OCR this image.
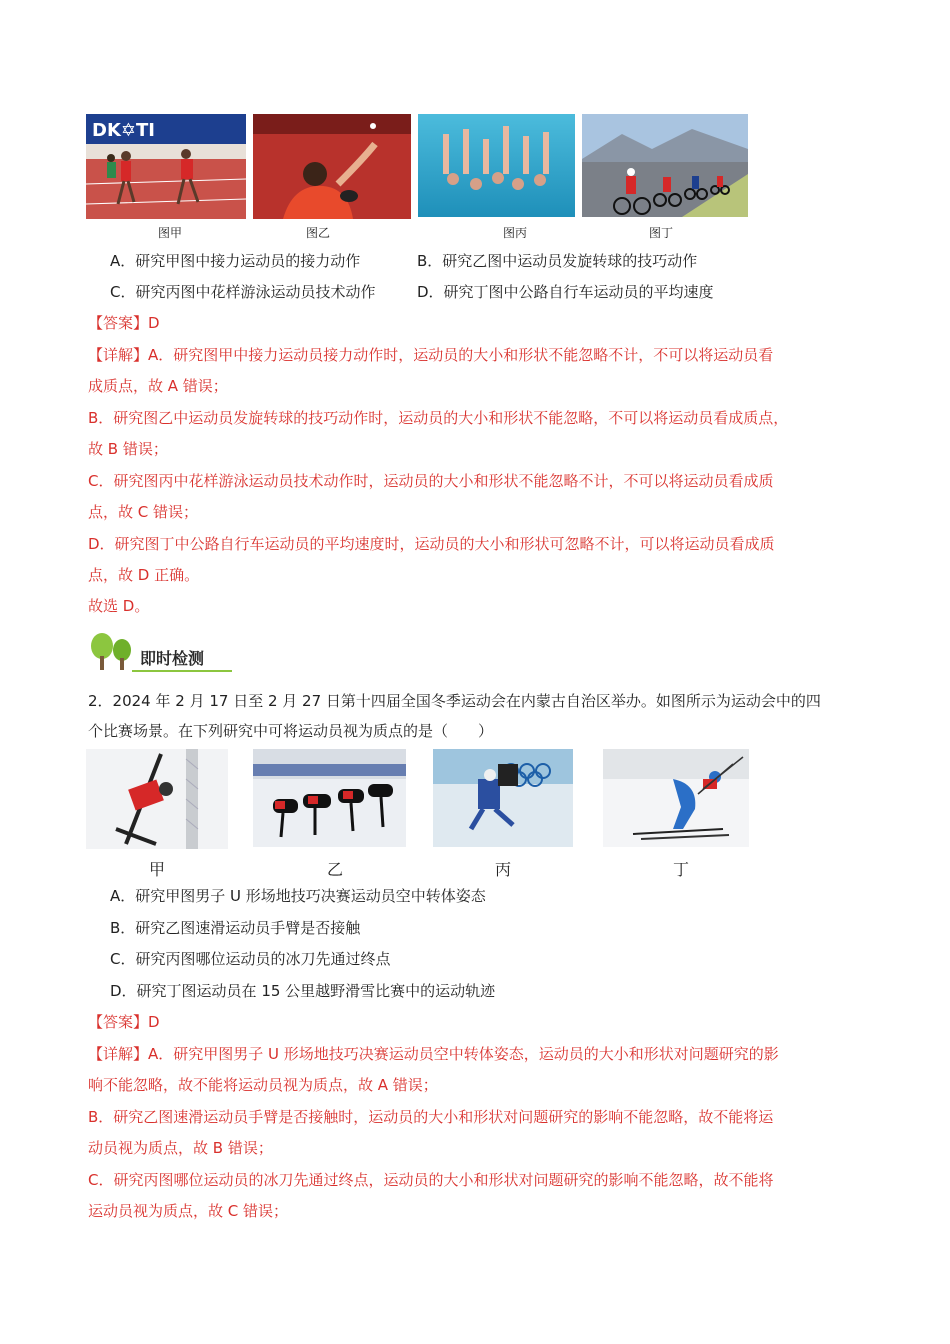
DK✡TI
图甲	图乙	图丙	图丁
A．研究甲图中接力运动员的接力动作	B．研究乙图中运动员发旋转球的技巧动作
C．研究丙图中花样游泳运动员技术动作	D．研究丁图中公路自行车运动员的平均速度
【答案】D
【详解】A．研究图甲中接力运动员接力动作时，运动员的大小和形状不能忽略不计，不可以将运动员看
成质点，故 A 错误；
B．研究图乙中运动员发旋转球的技巧动作时，运动员的大小和形状不能忽略，不可以将运动员看成质点，
故 B 错误；
C．研究图丙中花样游泳运动员技术动作时，运动员的大小和形状不能忽略不计，不可以将运动员看成质
点，故 C 错误；
D．研究图丁中公路自行车运动员的平均速度时，运动员的大小和形状可忽略不计，可以将运动员看成质
点，故 D 正确。
故选 D。
即时检测
2．2024 年 2 月 17 日至 2 月 27 日第十四届全国冬季运动会在内蒙古自治区举办。如图所示为运动会中的四
个比赛场景。在下列研究中可将运动员视为质点的是（　　）
甲	乙	丙	丁
A．研究甲图男子 U 形场地技巧决赛运动员空中转体姿态
B．研究乙图速滑运动员手臂是否接触
C．研究丙图哪位运动员的冰刀先通过终点
D．研究丁图运动员在 15 公里越野滑雪比赛中的运动轨迹
【答案】D
【详解】A．研究甲图男子 U 形场地技巧决赛运动员空中转体姿态，运动员的大小和形状对问题研究的影
响不能忽略，故不能将运动员视为质点，故 A 错误；
B．研究乙图速滑运动员手臂是否接触时，运动员的大小和形状对问题研究的影响不能忽略，故不能将运
动员视为质点，故 B 错误；
C．研究丙图哪位运动员的冰刀先通过终点，运动员的大小和形状对问题研究的影响不能忽略，故不能将
运动员视为质点，故 C 错误；
